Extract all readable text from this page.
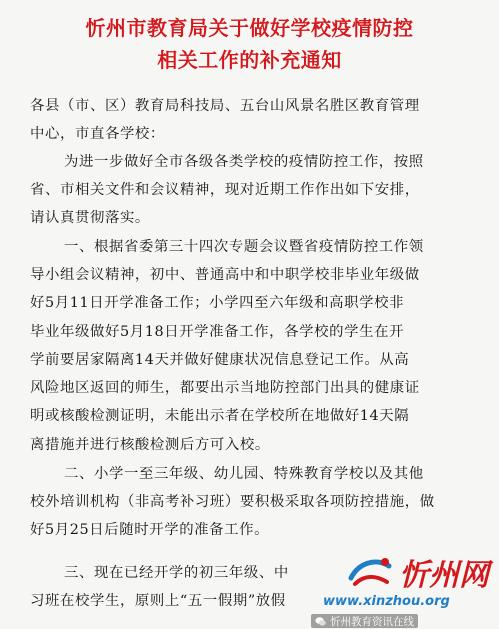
忻州市教育局关于做好学校疫情防控
相关工作的补充通知
各县（市、区）教育局科技局、五台山风景名胜区教育管理
中心，市直各学校：
为进一步做好全市各级各类学校的疫情防控工作，按照
省、市相关文件和会议精神，现对近期工作作出如下安排，
请认真贯彻落实。
一、根据省委第三十四次专题会议暨省疫情防控工作领
导小组会议精神，初中、普通高中和中职学校非毕业年级做
好5月11日开学准备工作；小学四至六年级和高职学校非
毕业年级做好5月18日开学准备工作，各学校的学生在开
学前要居家隔离14天并做好健康状况信息登记工作。从高
风险地区返回的师生，都要出示当地防控部门出具的健康证
明或核酸检测证明，未能出示者在学校所在地做好14天隔
离措施并进行核酸检测后方可入校。
二、小学一至三年级、幼儿园、特殊教育学校以及其他
校外培训机构（非高考补习班）要积极采取各项防控措施，做
好5月25日后随时开学的准备工作。
三、现在已经开学的初三年级、中
习班在校学生，原则上“五一假期”放假
忻州网
www.xinzhou.org
忻州教育资讯在线
